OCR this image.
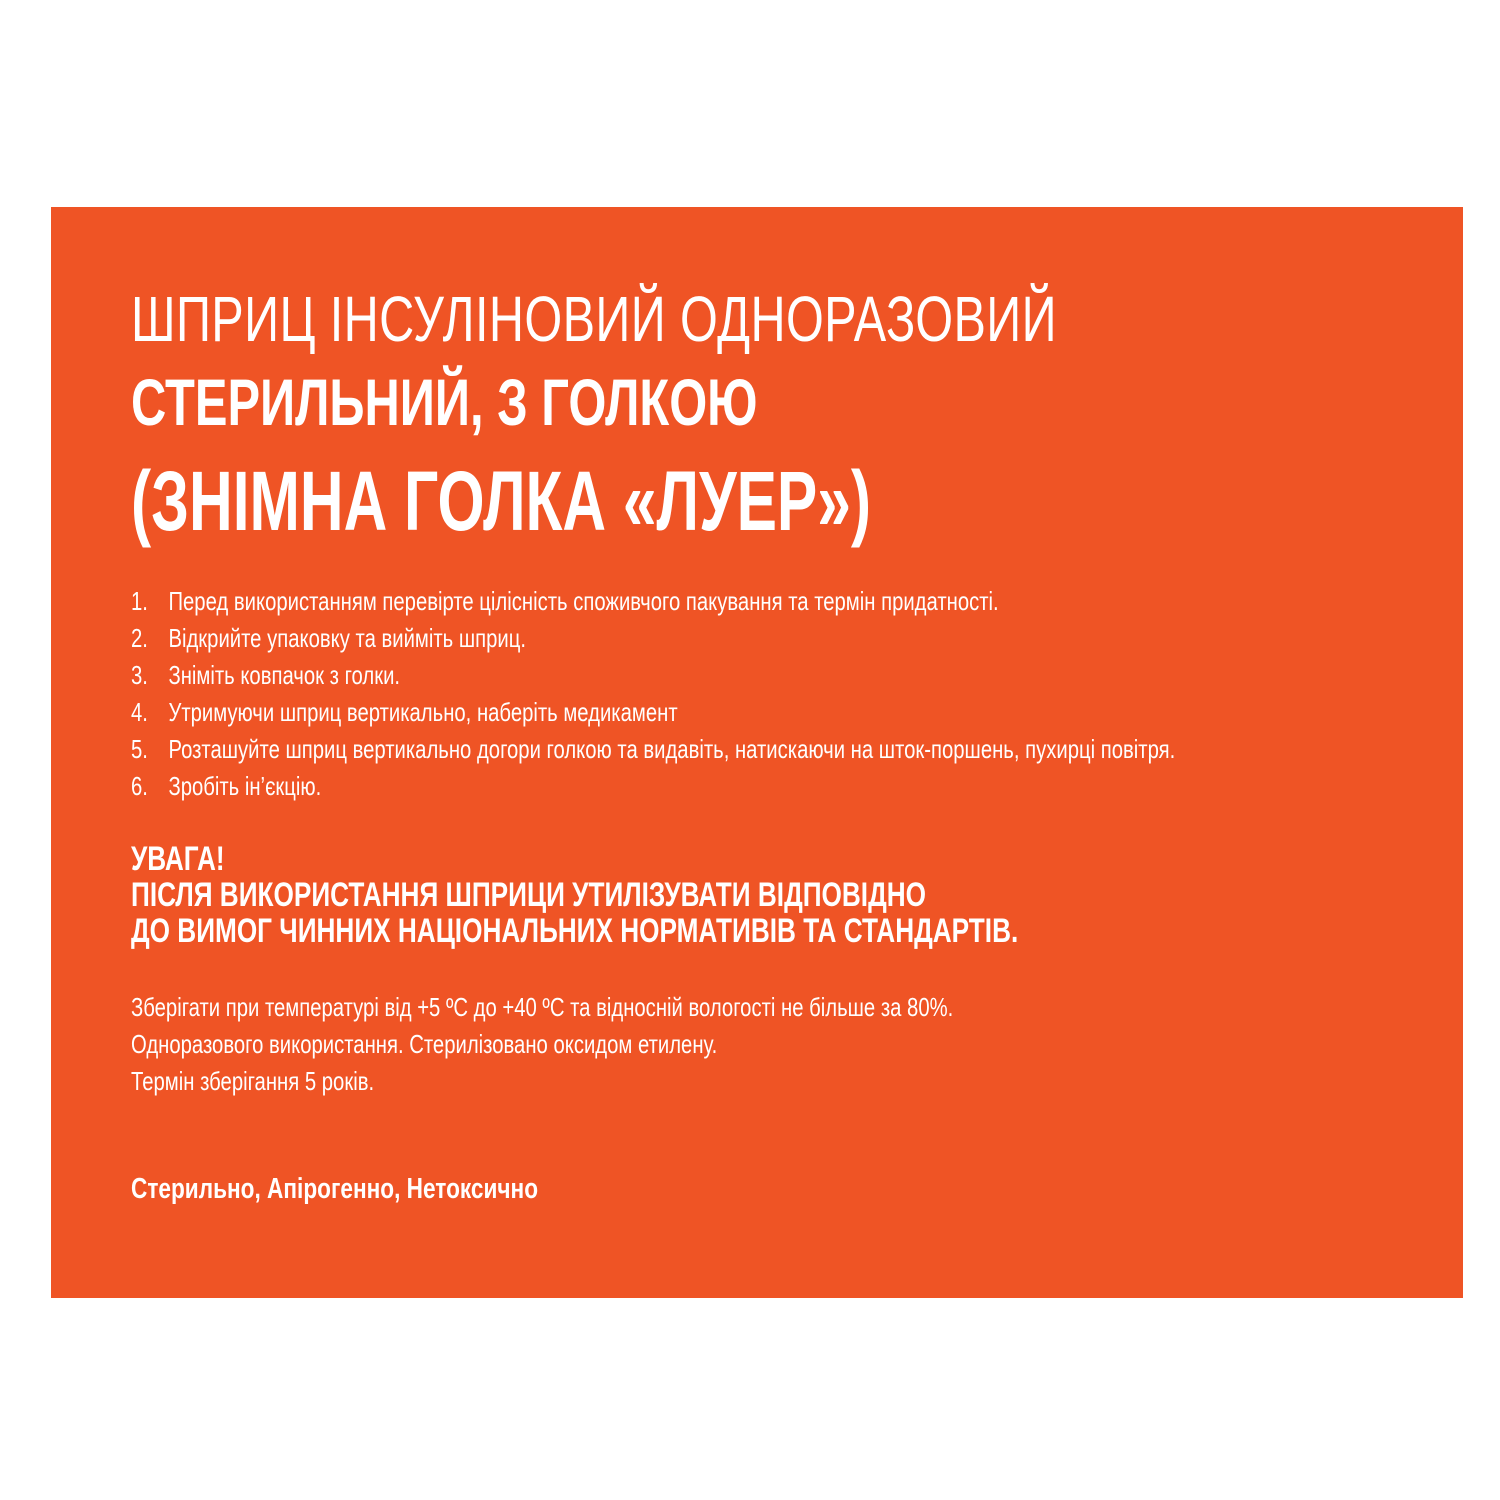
ШПРИЦ ІНСУЛІНОВИЙ ОДНОРАЗОВИЙ
СТЕРИЛЬНИЙ, З ГОЛКОЮ
(ЗНІМНА ГОЛКА «ЛУЕР»)
1. Перед використанням перевірте цілісність споживчого пакування та термін придатності.
2. Відкрийте упаковку та вийміть шприц.
3. Зніміть ковпачок з голки.
4. Утримуючи шприц вертикально, наберіть медикамент
5. Розташуйте шприц вертикально догори голкою та видавіть, натискаючи на шток-поршень, пухирці повітря.
6. Зробіть ін’єкцію.
УВАГА!
ПІСЛЯ ВИКОРИСТАННЯ ШПРИЦИ УТИЛІЗУВАТИ ВІДПОВІДНО
ДО ВИМОГ ЧИННИХ НАЦІОНАЛЬНИХ НОРМАТИВІВ ТА СТАНДАРТІВ.
Зберігати при температурі від +5 ºC до +40 ºC та відносній вологості не більше за 80%.
Одноразового використання. Стерилізовано оксидом етилену.
Термін зберігання 5 років.
Стерильно, Апірогенно, Нетоксично
